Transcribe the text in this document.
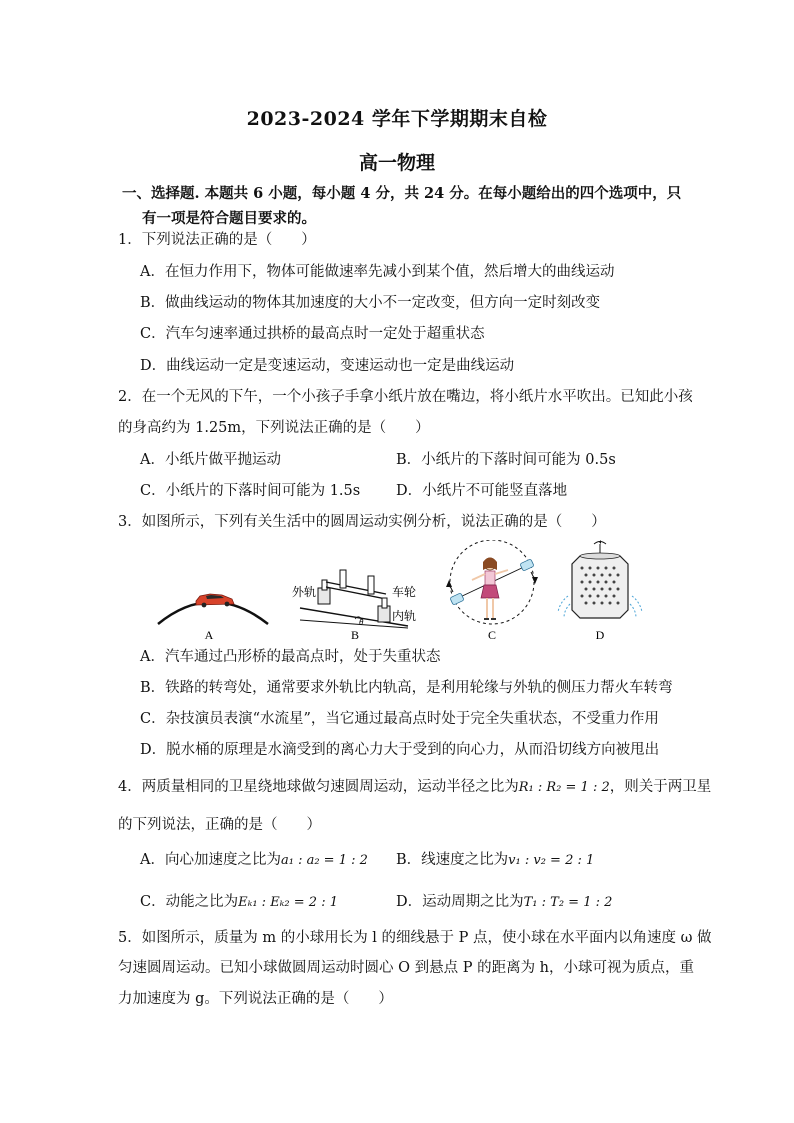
2023-2024 学年下学期期末自检
高一物理
一、选择题. 本题共 6 小题，每小题 4 分，共 24 分。在每小题给出的四个选项中，只
有一项是符合题目要求的。
1．下列说法正确的是（　　）
A．在恒力作用下，物体可能做速率先减小到某个值，然后增大的曲线运动
B．做曲线运动的物体其加速度的大小不一定改变，但方向一定时刻改变
C．汽车匀速率通过拱桥的最高点时一定处于超重状态
D．曲线运动一定是变速运动，变速运动也一定是曲线运动
2．在一个无风的下午，一个小孩子手拿小纸片放在嘴边，将小纸片水平吹出。已知此小孩
的身高约为 1.25m，下列说法正确的是（　　）
A．小纸片做平抛运动	B．小纸片的下落时间可能为 0.5s
C．小纸片的下落时间可能为 1.5s D．小纸片不可能竖直落地
3．如图所示，下列有关生活中的圆周运动实例分析，说法正确的是（　　）
A
外轨	车轮
内轨
θ
B	C	D
A．汽车通过凸形桥的最高点时，处于失重状态
B．铁路的转弯处，通常要求外轨比内轨高，是利用轮缘与外轨的侧压力帮火车转弯
C．杂技演员表演“水流星”，当它通过最高点时处于完全失重状态，不受重力作用
D．脱水桶的原理是水滴受到的离心力大于受到的向心力，从而沿切线方向被甩出
4．两质量相同的卫星绕地球做匀速圆周运动，运动半径之比为R₁ : R₂ = 1 : 2，则关于两卫星
的下列说法，正确的是（　　）
A．向心加速度之比为a₁ : a₂ = 1 : 2 B．线速度之比为v₁ : v₂ = 2 : 1
C．动能之比为Eₖ₁ : Eₖ₂ = 2 : 1	D．运动周期之比为T₁ : T₂ = 1 : 2
5．如图所示，质量为 m 的小球用长为 l 的细线悬于 P 点，使小球在水平面内以角速度 ω 做
匀速圆周运动。已知小球做圆周运动时圆心 O 到悬点 P 的距离为 h，小球可视为质点，重
力加速度为 g。下列说法正确的是（　　）
